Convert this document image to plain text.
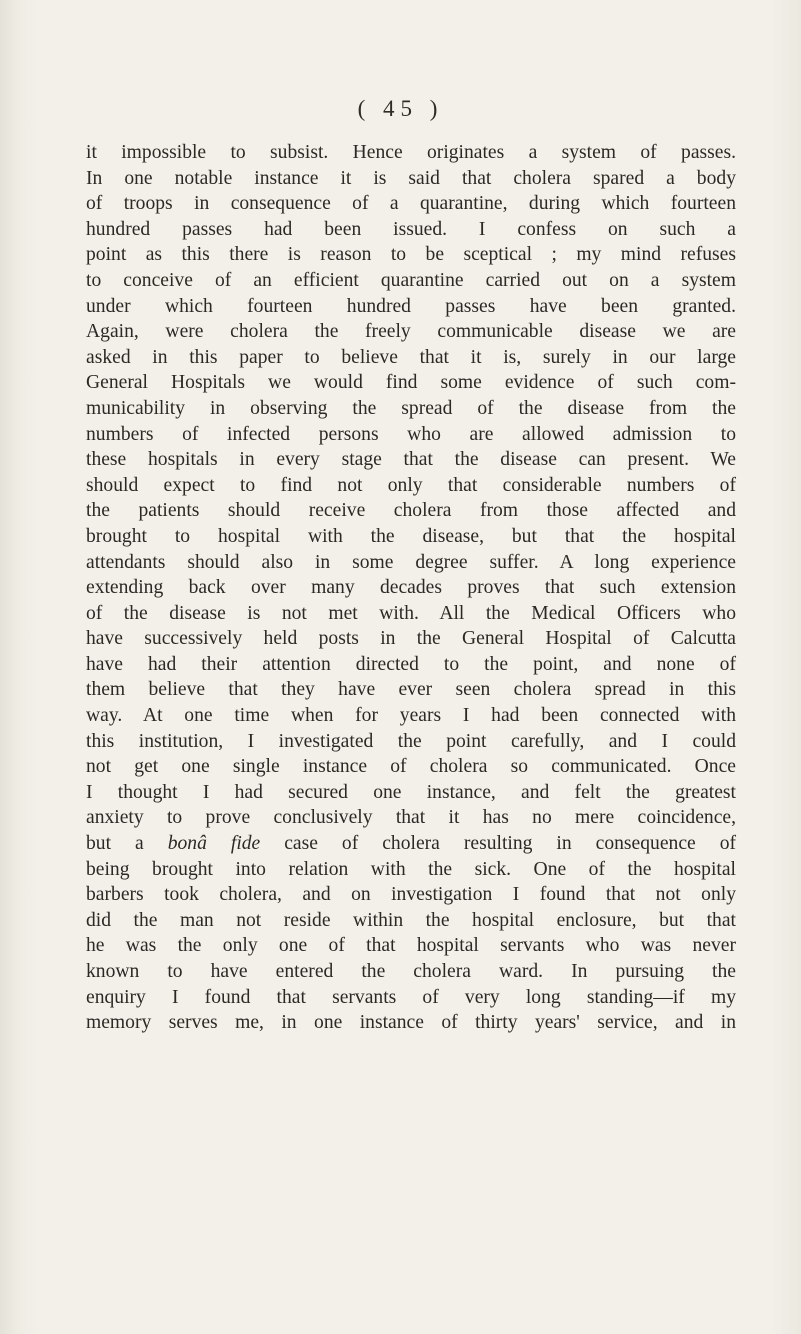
( 45 )
it impossible to subsist. Hence originates a system of passes.
In one notable instance it is said that cholera spared a body
of troops in consequence of a quarantine, during which fourteen
hundred passes had been issued. I confess on such a
point as this there is reason to be sceptical ; my mind refuses
to conceive of an efficient quarantine carried out on a system
under which fourteen hundred passes have been granted.
Again, were cholera the freely communicable disease we are
asked in this paper to believe that it is, surely in our large
General Hospitals we would find some evidence of such com-
municability in observing the spread of the disease from the
numbers of infected persons who are allowed admission to
these hospitals in every stage that the disease can present. We
should expect to find not only that considerable numbers of
the patients should receive cholera from those affected and
brought to hospital with the disease, but that the hospital
attendants should also in some degree suffer. A long experience
extending back over many decades proves that such extension
of the disease is not met with. All the Medical Officers who
have successively held posts in the General Hospital of Calcutta
have had their attention directed to the point, and none of
them believe that they have ever seen cholera spread in this
way. At one time when for years I had been connected with
this institution, I investigated the point carefully, and I could
not get one single instance of cholera so communicated. Once
I thought I had secured one instance, and felt the greatest
anxiety to prove conclusively that it has no mere coincidence,
but a bonâ fide case of cholera resulting in consequence of
being brought into relation with the sick. One of the hospital
barbers took cholera, and on investigation I found that not only
did the man not reside within the hospital enclosure, but that
he was the only one of that hospital servants who was never
known to have entered the cholera ward. In pursuing the
enquiry I found that servants of very long standing—if my
memory serves me, in one instance of thirty years' service, and in
